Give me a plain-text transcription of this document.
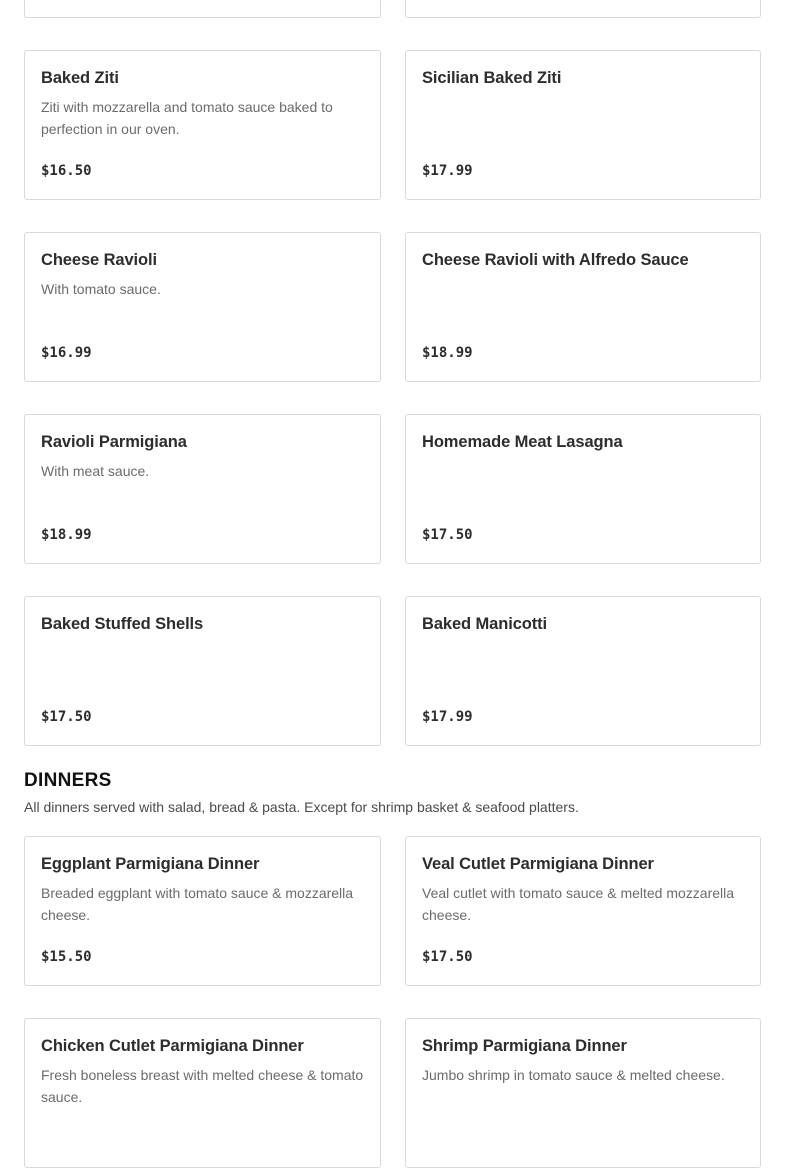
Baked Ziti
Ziti with mozzarella and tomato sauce baked to perfection in our oven.
$16.50
Sicilian Baked Ziti
$17.99
Cheese Ravioli
With tomato sauce.
$16.99
Cheese Ravioli with Alfredo Sauce
$18.99
Ravioli Parmigiana
With meat sauce.
$18.99
Homemade Meat Lasagna
$17.50
Baked Stuffed Shells
$17.50
Baked Manicotti
$17.99
DINNERS
All dinners served with salad, bread & pasta. Except for shrimp basket & seafood platters.
Eggplant Parmigiana Dinner
Breaded eggplant with tomato sauce & mozzarella cheese.
$15.50
Veal Cutlet Parmigiana Dinner
Veal cutlet with tomato sauce & melted mozzarella cheese.
$17.50
Chicken Cutlet Parmigiana Dinner
Fresh boneless breast with melted cheese & tomato sauce.
Shrimp Parmigiana Dinner
Jumbo shrimp in tomato sauce & melted cheese.
